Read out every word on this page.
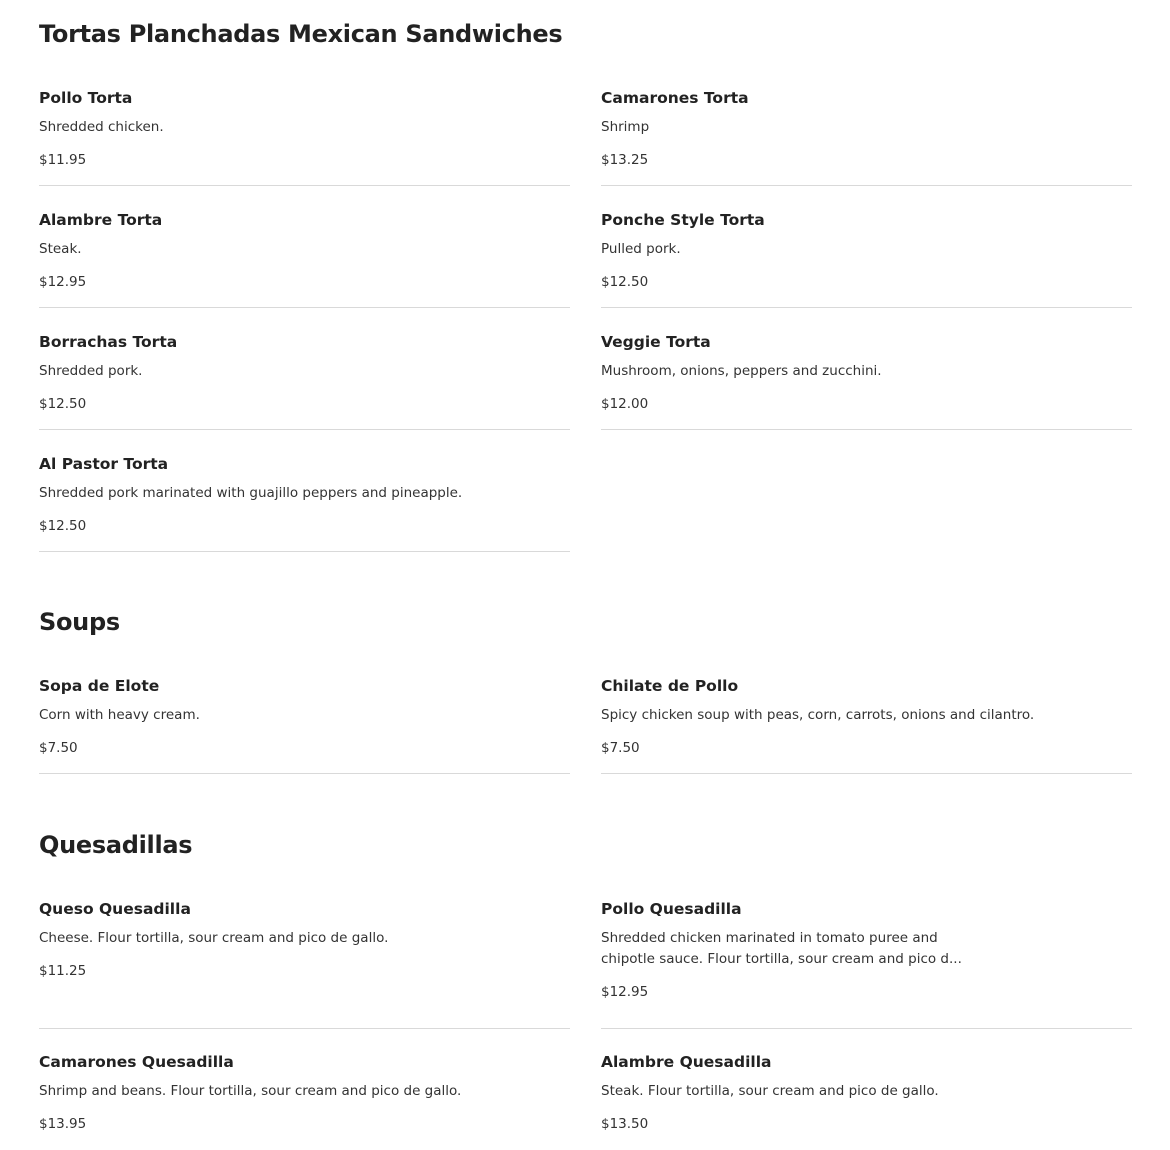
Tortas Planchadas Mexican Sandwiches
Pollo Torta
Shredded chicken.
$11.95
Camarones Torta
Shrimp
$13.25
Alambre Torta
Steak.
$12.95
Ponche Style Torta
Pulled pork.
$12.50
Borrachas Torta
Shredded pork.
$12.50
Veggie Torta
Mushroom, onions, peppers and zucchini.
$12.00
Al Pastor Torta
Shredded pork marinated with guajillo peppers and pineapple.
$12.50
Soups
Sopa de Elote
Corn with heavy cream.
$7.50
Chilate de Pollo
Spicy chicken soup with peas, corn, carrots, onions and cilantro.
$7.50
Quesadillas
Queso Quesadilla
Cheese. Flour tortilla, sour cream and pico de gallo.
$11.25
Pollo Quesadilla
Shredded chicken marinated in tomato puree and chipotle sauce. Flour tortilla, sour cream and pico d...
$12.95
Camarones Quesadilla
Shrimp and beans. Flour tortilla, sour cream and pico de gallo.
$13.95
Alambre Quesadilla
Steak. Flour tortilla, sour cream and pico de gallo.
$13.50
